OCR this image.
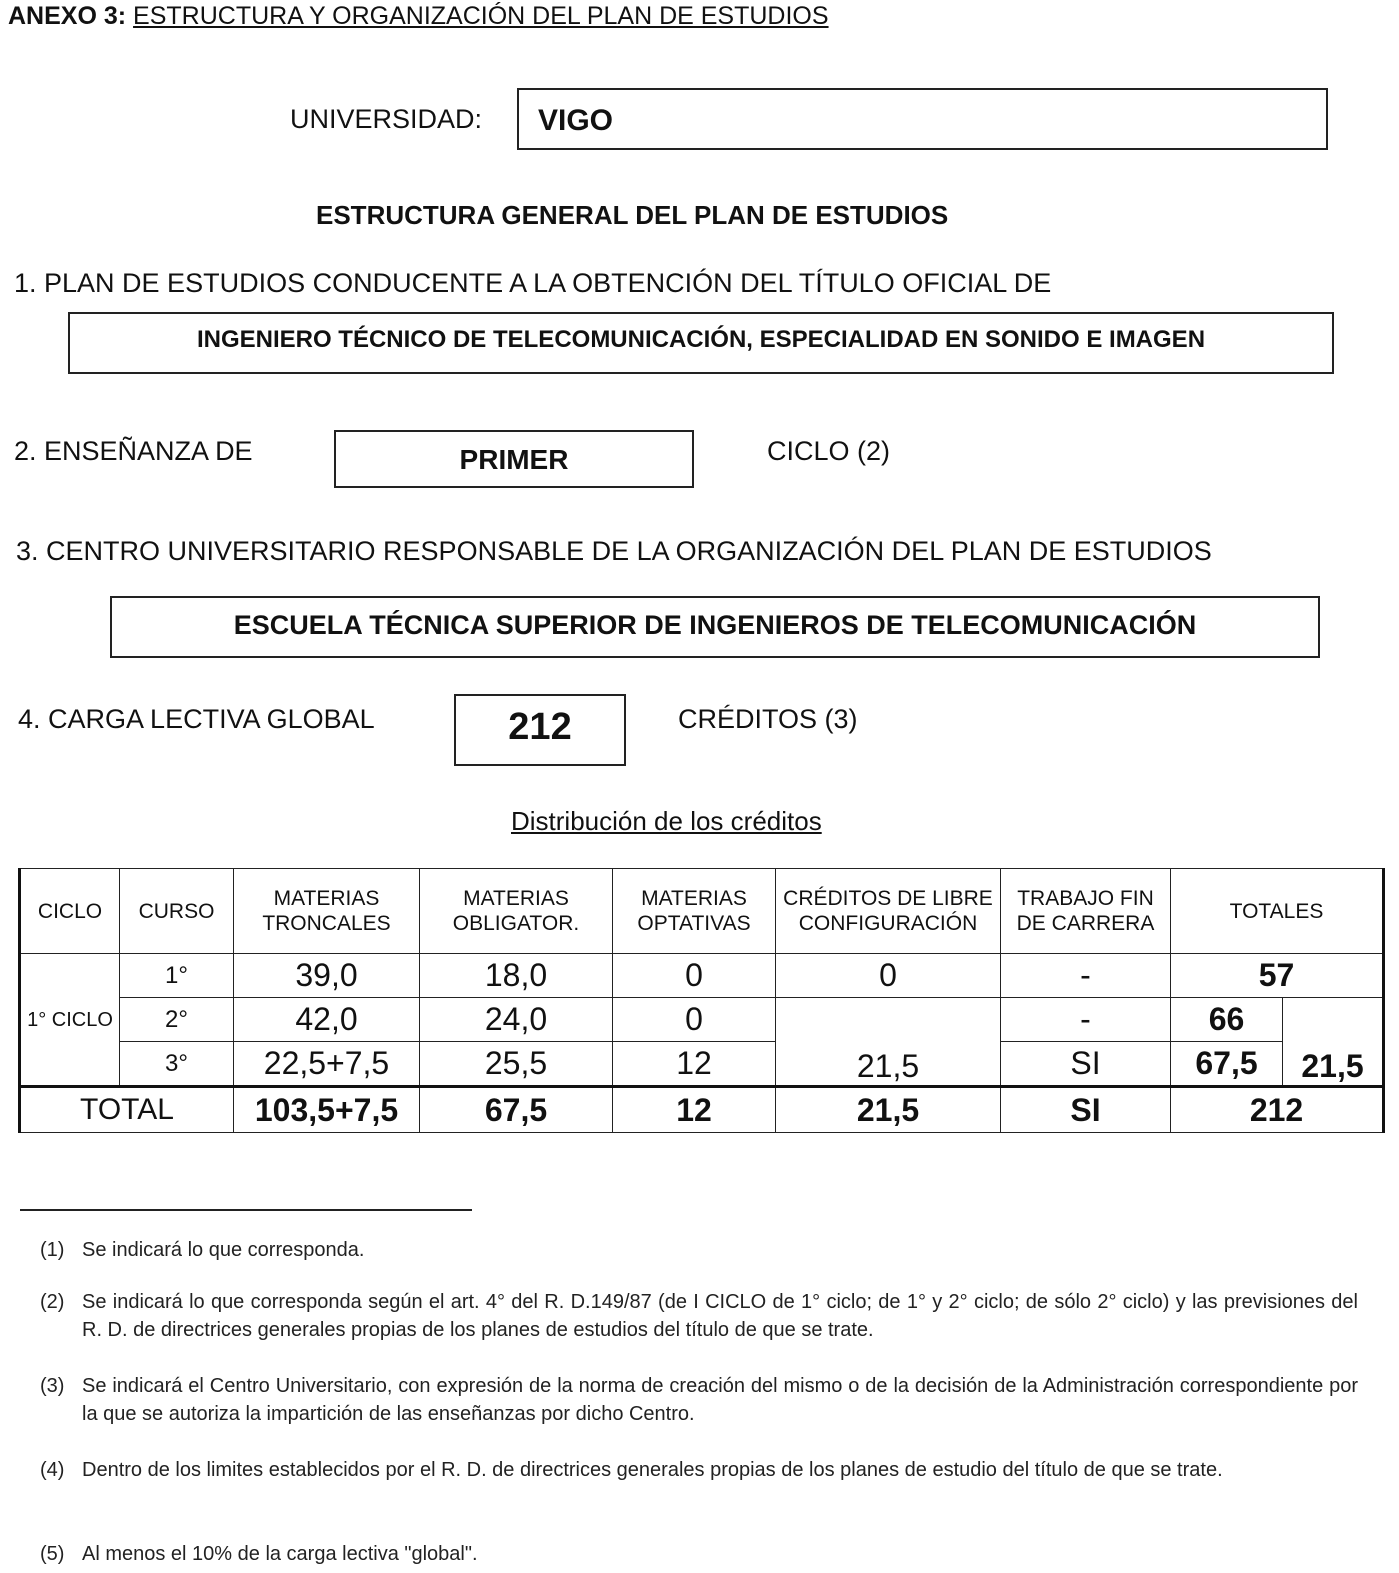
ANEXO 3: ESTRUCTURA Y ORGANIZACIÓN DEL PLAN DE ESTUDIOS
UNIVERSIDAD: VIGO
ESTRUCTURA GENERAL DEL PLAN DE ESTUDIOS
1. PLAN DE ESTUDIOS CONDUCENTE A LA OBTENCIÓN DEL TÍTULO OFICIAL DE
INGENIERO TÉCNICO DE TELECOMUNICACIÓN, ESPECIALIDAD EN SONIDO E IMAGEN
2. ENSEÑANZA DE	PRIMER	CICLO (2)
3. CENTRO UNIVERSITARIO RESPONSABLE DE LA ORGANIZACIÓN DEL PLAN DE ESTUDIOS
ESCUELA TÉCNICA SUPERIOR DE INGENIEROS DE TELECOMUNICACIÓN
4. CARGA LECTIVA GLOBAL	212	CRÉDITOS (3)
Distribución de los créditos
CICLO	CURSO	MATERIAS TRONCALES	MATERIAS OBLIGATOR.	MATERIAS OPTATIVAS	CRÉDITOS DE LIBRE CONFIGURACIÓN	TRABAJO FIN DE CARRERA	TOTALES	
1° CICLO	1°	39,0	18,0	0	0	-	57	
	2°	42,0	24,0	0	21,5	-	66	21,5
	3°	22,5+7,5	25,5	12		SI	67,5	
TOTAL		103,5+7,5	67,5	12	21,5	SI	212	
(1) Se indicará lo que corresponda.
(2) Se indicará lo que corresponda según el art. 4° del R. D.149/87 (de I CICLO de 1° ciclo; de 1° y 2° ciclo; de sólo 2° ciclo) y las previsiones del R. D. de directrices generales propias de los planes de estudios del título de que se trate.
(3) Se indicará el Centro Universitario, con expresión de la norma de creación del mismo o de la decisión de la Administración correspondiente por la que se autoriza la impartición de las enseñanzas por dicho Centro.
(4) Dentro de los limites establecidos por el R. D. de directrices generales propias de los planes de estudio del título de que se trate.
(5) Al menos el 10% de la carga lectiva "global".
